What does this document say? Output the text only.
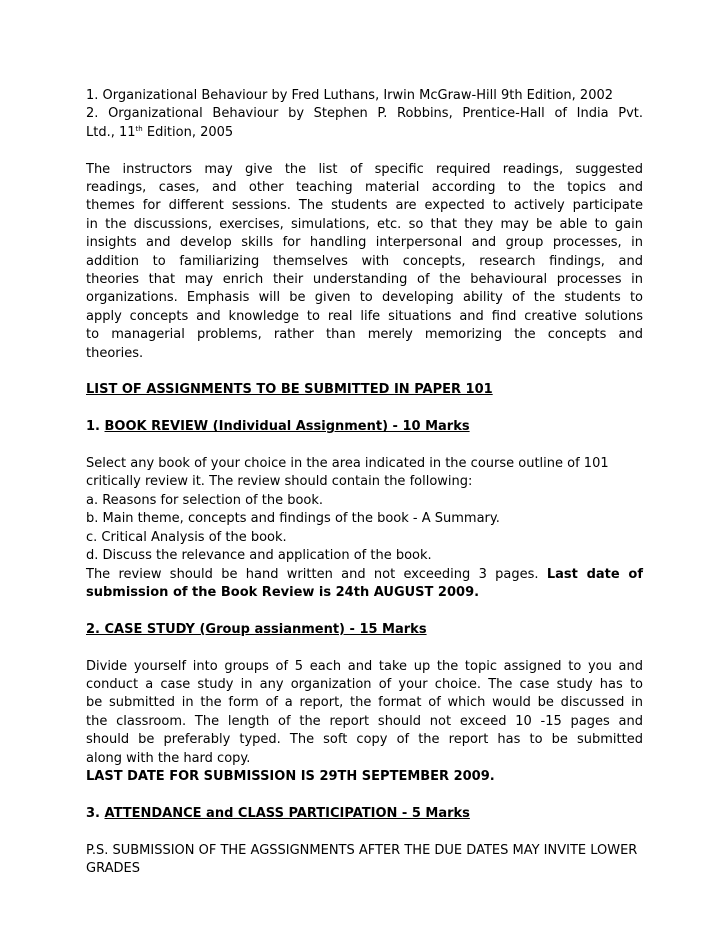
1. Organizational Behaviour by Fred Luthans, Irwin McGraw-Hill 9th Edition, 2002
2. Organizational Behaviour by Stephen P. Robbins, Prentice-Hall of India Pvt.
Ltd., 11th Edition, 2005
The instructors may give the list of specific required readings, suggested
readings, cases, and other teaching material according to the topics and
themes for different sessions. The students are expected to actively participate
in the discussions, exercises, simulations, etc. so that they may be able to gain
insights and develop skills for handling interpersonal and group processes, in
addition to familiarizing themselves with concepts, research findings, and
theories that may enrich their understanding of the behavioural processes in
organizations. Emphasis will be given to developing ability of the students to
apply concepts and knowledge to real life situations and find creative solutions
to managerial problems, rather than merely memorizing the concepts and
theories.
LIST OF ASSIGNMENTS TO BE SUBMITTED IN PAPER 101
1. BOOK REVIEW (Individual Assignment) - 10 Marks
Select any book of your choice in the area indicated in the course outline of 101
critically review it. The review should contain the following:
a. Reasons for selection of the book.
b. Main theme, concepts and findings of the book - A Summary.
c. Critical Analysis of the book.
d. Discuss the relevance and application of the book.
The review should be hand written and not exceeding 3 pages. Last date of
submission of the Book Review is 24th AUGUST 2009.
2. CASE STUDY (Group assianment) - 15 Marks
Divide yourself into groups of 5 each and take up the topic assigned to you and
conduct a case study in any organization of your choice. The case study has to
be submitted in the form of a report, the format of which would be discussed in
the classroom. The length of the report should not exceed 10 -15 pages and
should be preferably typed. The soft copy of the report has to be submitted
along with the hard copy.
LAST DATE FOR SUBMISSION IS 29TH SEPTEMBER 2009.
3. ATTENDANCE and CLASS PARTICIPATION - 5 Marks
P.S. SUBMISSION OF THE AGSSIGNMENTS AFTER THE DUE DATES MAY INVITE LOWER
GRADES
